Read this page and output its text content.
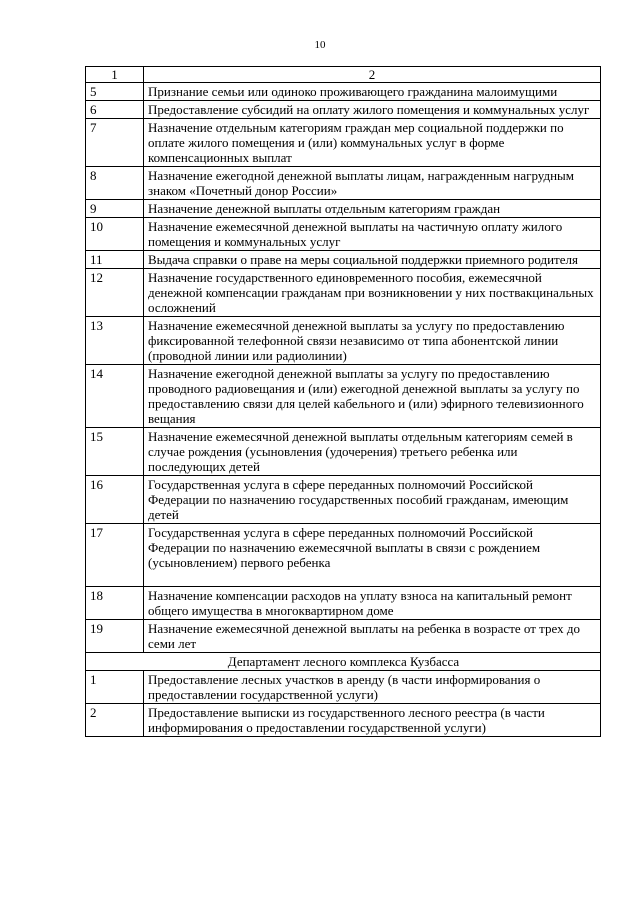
10
1	2
5	Признание семьи или одиноко проживающего гражданина малоимущими
6	Предоставление субсидий на оплату жилого помещения и коммунальных услуг
7	Назначение отдельным категориям граждан мер социальной поддержки по оплате жилого помещения и (или) коммунальных услуг в форме компенсационных выплат
8	Назначение ежегодной денежной выплаты лицам, награжденным нагрудным знаком «Почетный донор России»
9	Назначение денежной выплаты отдельным категориям граждан
10	Назначение ежемесячной денежной выплаты на частичную оплату жилого помещения и коммунальных услуг
11	Выдача справки о праве на меры социальной поддержки приемного родителя
12	Назначение государственного единовременного пособия, ежемесячной денежной компенсации гражданам при возникновении у них поствакцинальных осложнений
13	Назначение ежемесячной денежной выплаты за услугу по предоставлению фиксированной телефонной связи независимо от типа абонентской линии (проводной линии или радиолинии)
14	Назначение ежегодной денежной выплаты за услугу по предоставлению проводного радиовещания и (или) ежегодной денежной выплаты за услугу по предоставлению связи для целей кабельного и (или) эфирного телевизионного вещания
15	Назначение ежемесячной денежной выплаты отдельным категориям семей в случае рождения (усыновления (удочерения) третьего ребенка или последующих детей
16	Государственная услуга в сфере переданных полномочий Российской Федерации по назначению государственных пособий гражданам, имеющим детей
17	Государственная услуга в сфере переданных полномочий Российской Федерации по назначению ежемесячной выплаты в связи с рождением (усыновлением) первого ребенка

18	Назначение компенсации расходов на уплату взноса на капитальный ремонт общего имущества в многоквартирном доме
19	Назначение ежемесячной денежной выплаты на ребенка в возрасте от трех до семи лет
Департамент лесного комплекса Кузбасса	
1	Предоставление лесных участков в аренду (в части информирования о предоставлении государственной услуги)
2	Предоставление выписки из государственного лесного реестра (в части информирования о предоставлении государственной услуги)
